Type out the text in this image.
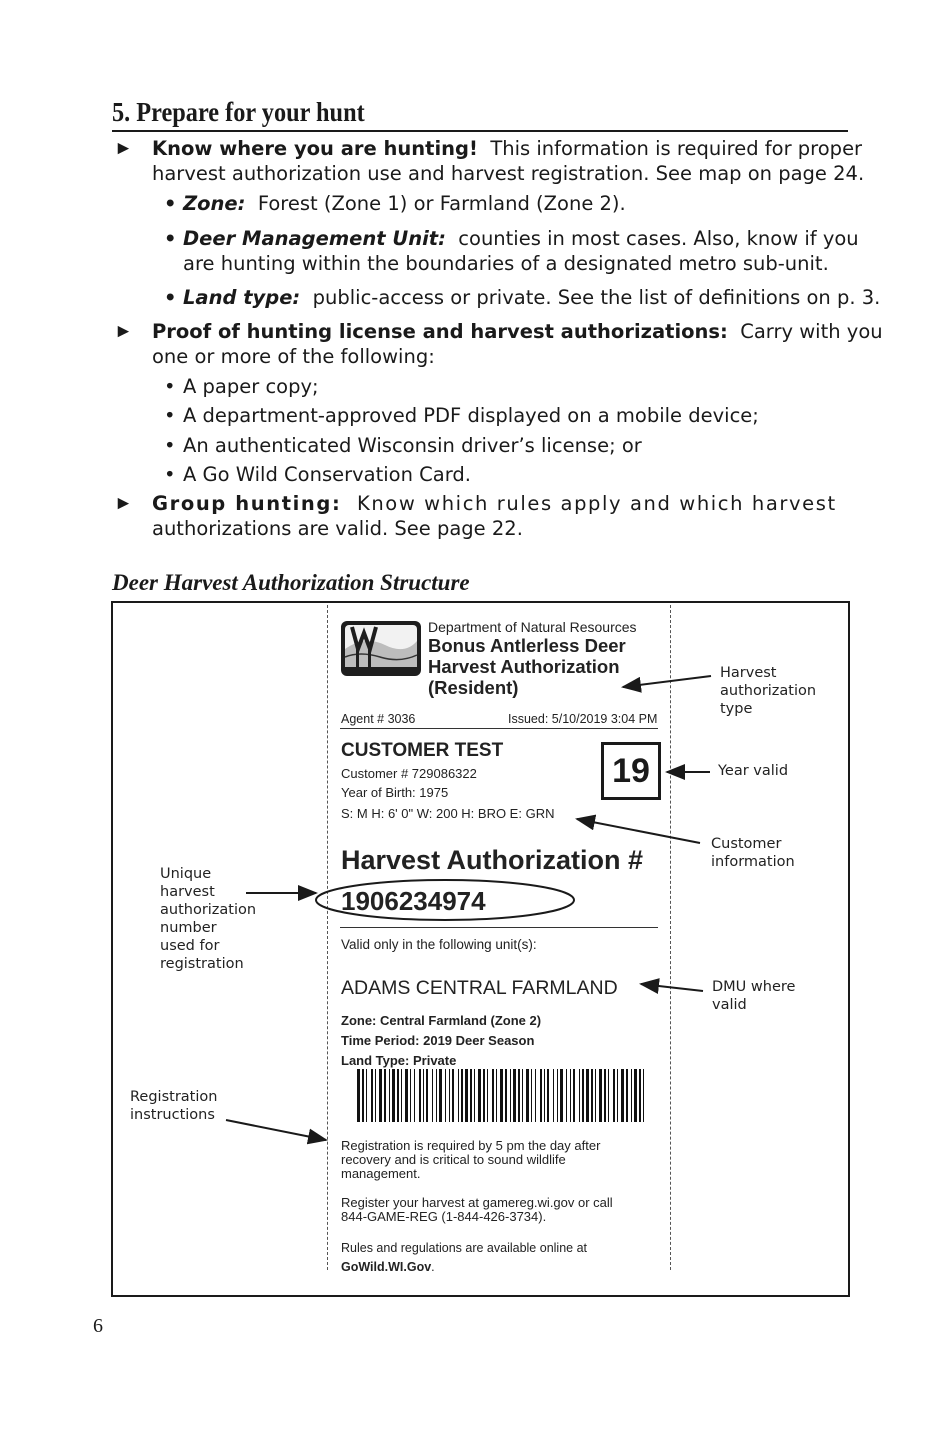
5. Prepare for your hunt
► Know where you are hunting! This information is required for proper
harvest authorization use and harvest registration. See map on page 24.
• Zone: Forest (Zone 1) or Farmland (Zone 2).
• Deer Management Unit: counties in most cases. Also, know if you
are hunting within the boundaries of a designated metro sub-unit.
• Land type: public-access or private. See the list of definitions on p. 3.
► Proof of hunting license and harvest authorizations: Carry with you
one or more of the following:
• A paper copy;
• A department-approved PDF displayed on a mobile device;
• An authenticated Wisconsin driver’s license; or
• A Go Wild Conservation Card.
► Group hunting: Know which rules apply and which harvest
authorizations are valid. See page 22.
Deer Harvest Authorization Structure
Department of Natural Resources
Bonus Antlerless Deer
Harvest Authorization
(Resident)
Agent # 3036	Issued: 5/10/2019 3:04 PM
CUSTOMER TEST
Customer # 729086322
Year of Birth: 1975
S: M H: 6' 0" W: 200 H: BRO E: GRN
19
Harvest Authorization #
1906234974
Valid only in the following unit(s):
ADAMS CENTRAL FARMLAND
Zone: Central Farmland (Zone 2)
Time Period: 2019 Deer Season
Land Type: Private
Registration is required by 5 pm the day after
recovery and is critical to sound wildlife
management.
Register your harvest at gamereg.wi.gov or call
844-GAME-REG (1-844-426-3734).
Rules and regulations are available online at
GoWild.WI.Gov.
Harvest
authorization
type
Year valid
Customer
information
Unique
harvest
authorization
number
used for
registration
DMU where
valid
Registration
instructions
6
